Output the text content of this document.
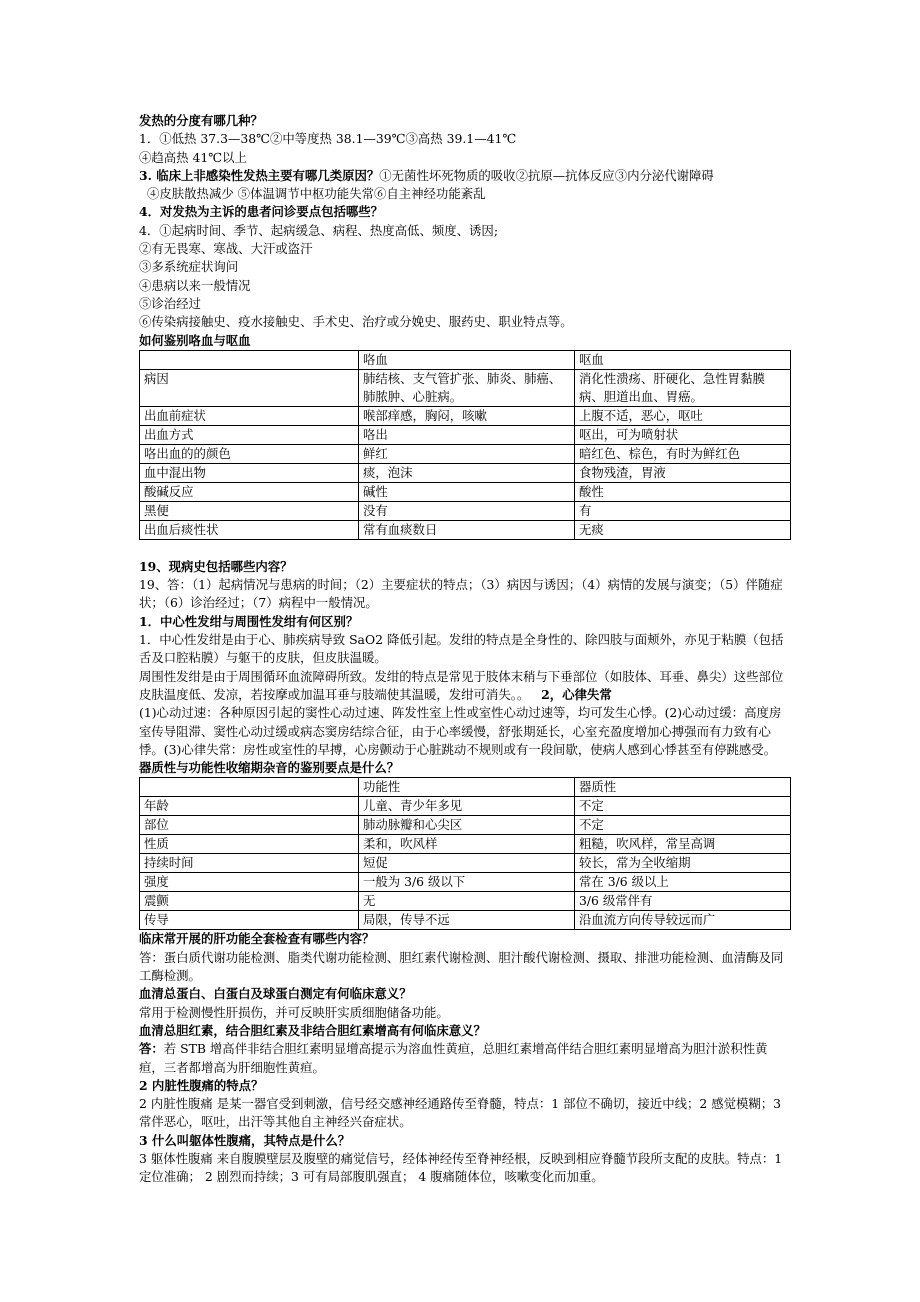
发热的分度有哪几种？

1．①低热 37.3—38℃②中等度热 38.1—39℃③高热 39.1—41℃

④趋高热 41℃以上

3. 临床上非感染性发热主要有哪几类原因？①无菌性坏死物质的吸收②抗原—抗体反应③内分泌代谢障碍

④皮肤散热减少 ⑤体温调节中枢功能失常⑥自主神经功能紊乱

4．对发热为主诉的患者问诊要点包括哪些？

4．①起病时间、季节、起病缓急、病程、热度高低、频度、诱因;

②有无畏寒、寒战、大汗或盗汗

③多系统症状询问

④患病以来一般情况

⑤诊治经过

⑥传染病接触史、疫水接触史、手术史、治疗或分娩史、服药史、职业特点等。

如何鉴别咯血与呕血

	咯血	呕血
病因	肺结核、支气管扩张、肺炎、肺癌、肺脓肿、心脏病。	消化性溃疡、肝硬化、急性胃黏膜病、胆道出血、胃癌。
出血前症状	喉部痒感，胸闷，咳嗽	上腹不适，恶心，呕吐
出血方式	咯出	呕出，可为喷射状
咯出血的的颜色	鲜红	暗红色、棕色，有时为鲜红色
血中混出物	痰，泡沫	食物残渣，胃液
酸碱反应	碱性	酸性
黑便	没有	有
出血后痰性状	常有血痰数日	无痰

19、现病史包括哪些内容？

19、答：（1）起病情况与患病的时间；（2）主要症状的特点；（3）病因与诱因；（4）病情的发展与演变；（5）伴随症状；（6）诊治经过；（7）病程中一般情况。

1．中心性发绀与周围性发绀有何区别？

1．中心性发绀是由于心、肺疾病导致 SaO2 降低引起。发绀的特点是全身性的、除四肢与面颊外，亦见于粘膜（包括舌及口腔粘膜）与躯干的皮肤，但皮肤温暖。

周围性发绀是由于周围循环血流障碍所致。发绀的特点是常见于肢体末稍与下垂部位（如肢体、耳垂、鼻尖）这些部位皮肤温度低、发凉，若按摩或加温耳垂与肢端使其温暖，发绀可消失。。 2，心律失常

(1)心动过速：各种原因引起的窦性心动过速、阵发性室上性或室性心动过速等，均可发生心悸。(2)心动过缓：高度房室传导阻滞、窦性心动过缓或病态窦房结综合征，由于心率缓慢，舒张期延长，心室充盈度增加心搏强而有力致有心悸。(3)心律失常：房性或室性的早搏，心房颤动于心脏跳动不规则或有一段间歇，使病人感到心悸甚至有停跳感受。

器质性与功能性收缩期杂音的鉴别要点是什么？

	功能性	器质性
年龄	儿童、青少年多见	不定
部位	肺动脉瓣和心尖区	不定
性质	柔和，吹风样	粗糙，吹风样，常呈高调
持续时间	短促	较长，常为全收缩期
强度	一般为 3/6 级以下	常在 3/6 级以上
震颤	无	3/6 级常伴有
传导	局限，传导不远	沿血流方向传导较远而广

临床常开展的肝功能全套检查有哪些内容？

答：蛋白质代谢功能检测、脂类代谢功能检测、胆红素代谢检测、胆汁酸代谢检测、摄取、排泄功能检测、血清酶及同工酶检测。

血清总蛋白、白蛋白及球蛋白测定有何临床意义？

常用于检测慢性肝损伤，并可反映肝实质细胞储备功能。

血清总胆红素，结合胆红素及非结合胆红素增高有何临床意义？

答：若 STB 增高伴非结合胆红素明显增高提示为溶血性黄疸，总胆红素增高伴结合胆红素明显增高为胆汁淤积性黄疸，三者都增高为肝细胞性黄疸。

2 内脏性腹痛的特点？

2 内脏性腹痛 是某一器官受到刺激，信号经交感神经通路传至脊髓，特点：1 部位不确切，接近中线；2 感觉模糊；3 常伴恶心，呕吐，出汗等其他自主神经兴奋症状。

3 什么叫躯体性腹痛，其特点是什么？

3 躯体性腹痛 来自腹膜壁层及腹壁的痛觉信号，经体神经传至脊神经根，反映到相应脊髓节段所支配的皮肤。特点：1 定位准确； 2 剧烈而持续；3 可有局部腹肌强直； 4 腹痛随体位，咳嗽变化而加重。
